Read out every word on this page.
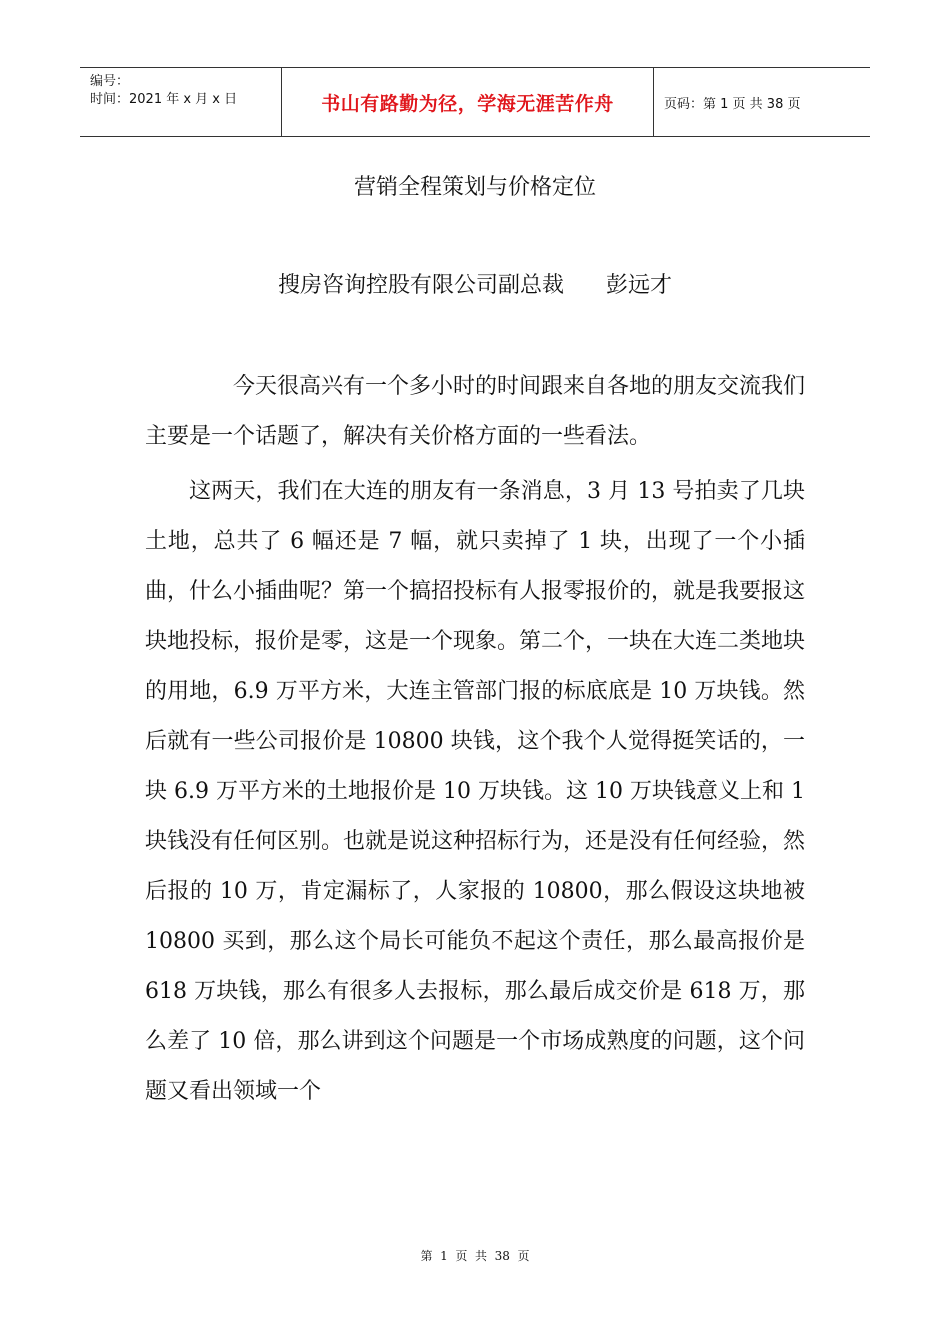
编号：
时间：2021 年 x 月 x 日	书山有路勤为径，学海无涯苦作舟	页码：第 1 页 共 38 页
营销全程策划与价格定位
搜房咨询控股有限公司副总裁      彭远才

今天很高兴有一个多小时的时间跟来自各地的朋友交流我们主要是一个话题了，解决有关价格方面的一些看法。

这两天，我们在大连的朋友有一条消息，3 月 13 号拍卖了几块土地，总共了 6 幅还是 7 幅，就只卖掉了 1 块，出现了一个小插曲，什么小插曲呢？第一个搞招投标有人报零报价的，就是我要报这块地投标，报价是零，这是一个现象。第二个，一块在大连二类地块的用地，6.9 万平方米，大连主管部门报的标底底是 10 万块钱。然后就有一些公司报价是 10800 块钱，这个我个人觉得挺笑话的，一块 6.9 万平方米的土地报价是 10 万块钱。这 10 万块钱意义上和 1 块钱没有任何区别。也就是说这种招标行为，还是没有任何经验，然后报的 10 万，肯定漏标了，人家报的 10800，那么假设这块地被 10800 买到，那么这个局长可能负不起这个责任，那么最高报价是 618 万块钱，那么有很多人去报标，那么最后成交价是 618 万，那么差了 10 倍，那么讲到这个问题是一个市场成熟度的问题，这个问题又看出领域一个

第  1  页  共  38  页
